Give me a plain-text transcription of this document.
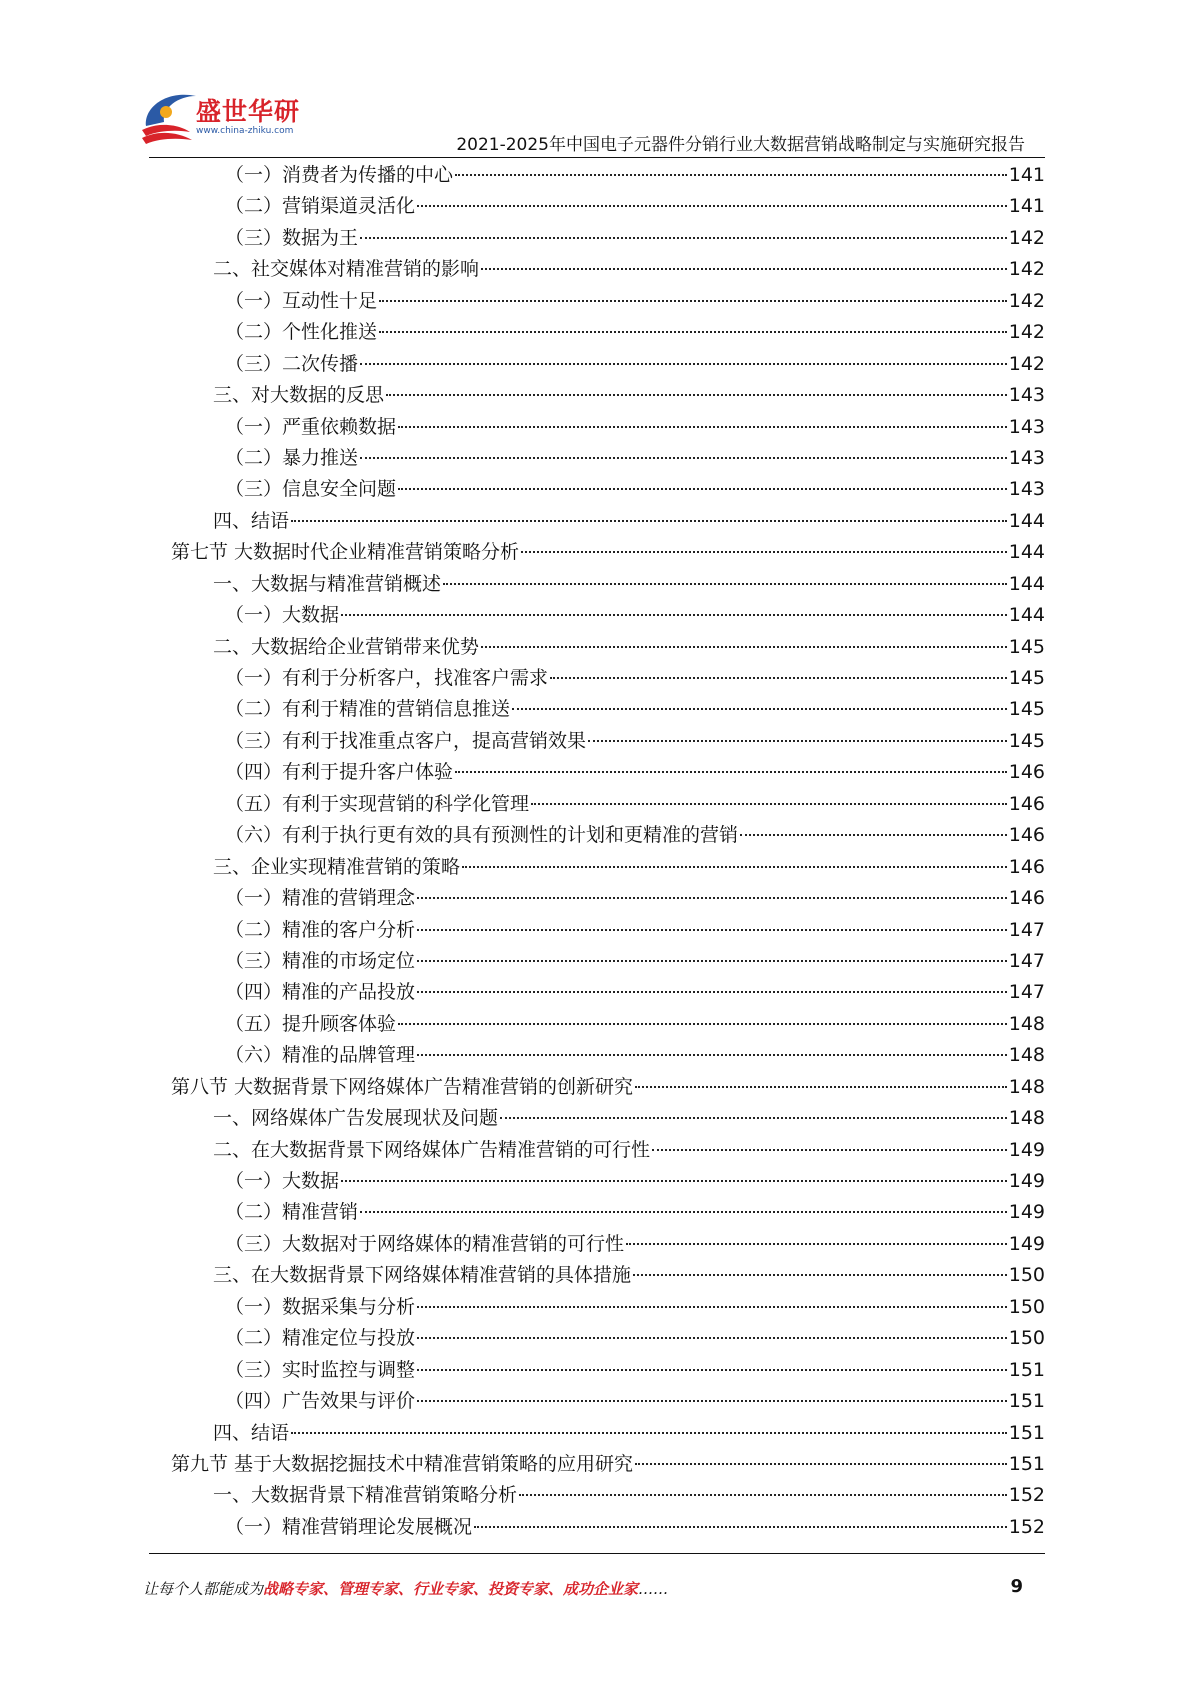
盛世华研
www.china-zhiku.com
2021-2025年中国电子元器件分销行业大数据营销战略制定与实施研究报告
（一）消费者为传播的中心	141
（二）营销渠道灵活化	141
（三）数据为王	142
二、社交媒体对精准营销的影响	142
（一）互动性十足	142
（二）个性化推送	142
（三）二次传播	142
三、对大数据的反思	143
（一）严重依赖数据	143
（二）暴力推送	143
（三）信息安全问题	143
四、结语	144
第七节 大数据时代企业精准营销策略分析	144
一、大数据与精准营销概述	144
（一）大数据	144
二、大数据给企业营销带来优势	145
（一）有利于分析客户，找准客户需求	145
（二）有利于精准的营销信息推送	145
（三）有利于找准重点客户，提高营销效果	145
（四）有利于提升客户体验	146
（五）有利于实现营销的科学化管理	146
（六）有利于执行更有效的具有预测性的计划和更精准的营销	146
三、企业实现精准营销的策略	146
（一）精准的营销理念	146
（二）精准的客户分析	147
（三）精准的市场定位	147
（四）精准的产品投放	147
（五）提升顾客体验	148
（六）精准的品牌管理	148
第八节 大数据背景下网络媒体广告精准营销的创新研究	148
一、网络媒体广告发展现状及问题	148
二、在大数据背景下网络媒体广告精准营销的可行性	149
（一）大数据	149
（二）精准营销	149
（三）大数据对于网络媒体的精准营销的可行性	149
三、在大数据背景下网络媒体精准营销的具体措施	150
（一）数据采集与分析	150
（二）精准定位与投放	150
（三）实时监控与调整	151
（四）广告效果与评价	151
四、结语	151
第九节 基于大数据挖掘技术中精准营销策略的应用研究	151
一、大数据背景下精准营销策略分析	152
（一）精准营销理论发展概况	152
让每个人都能成为战略专家、管理专家、行业专家、投资专家、成功企业家……	9
